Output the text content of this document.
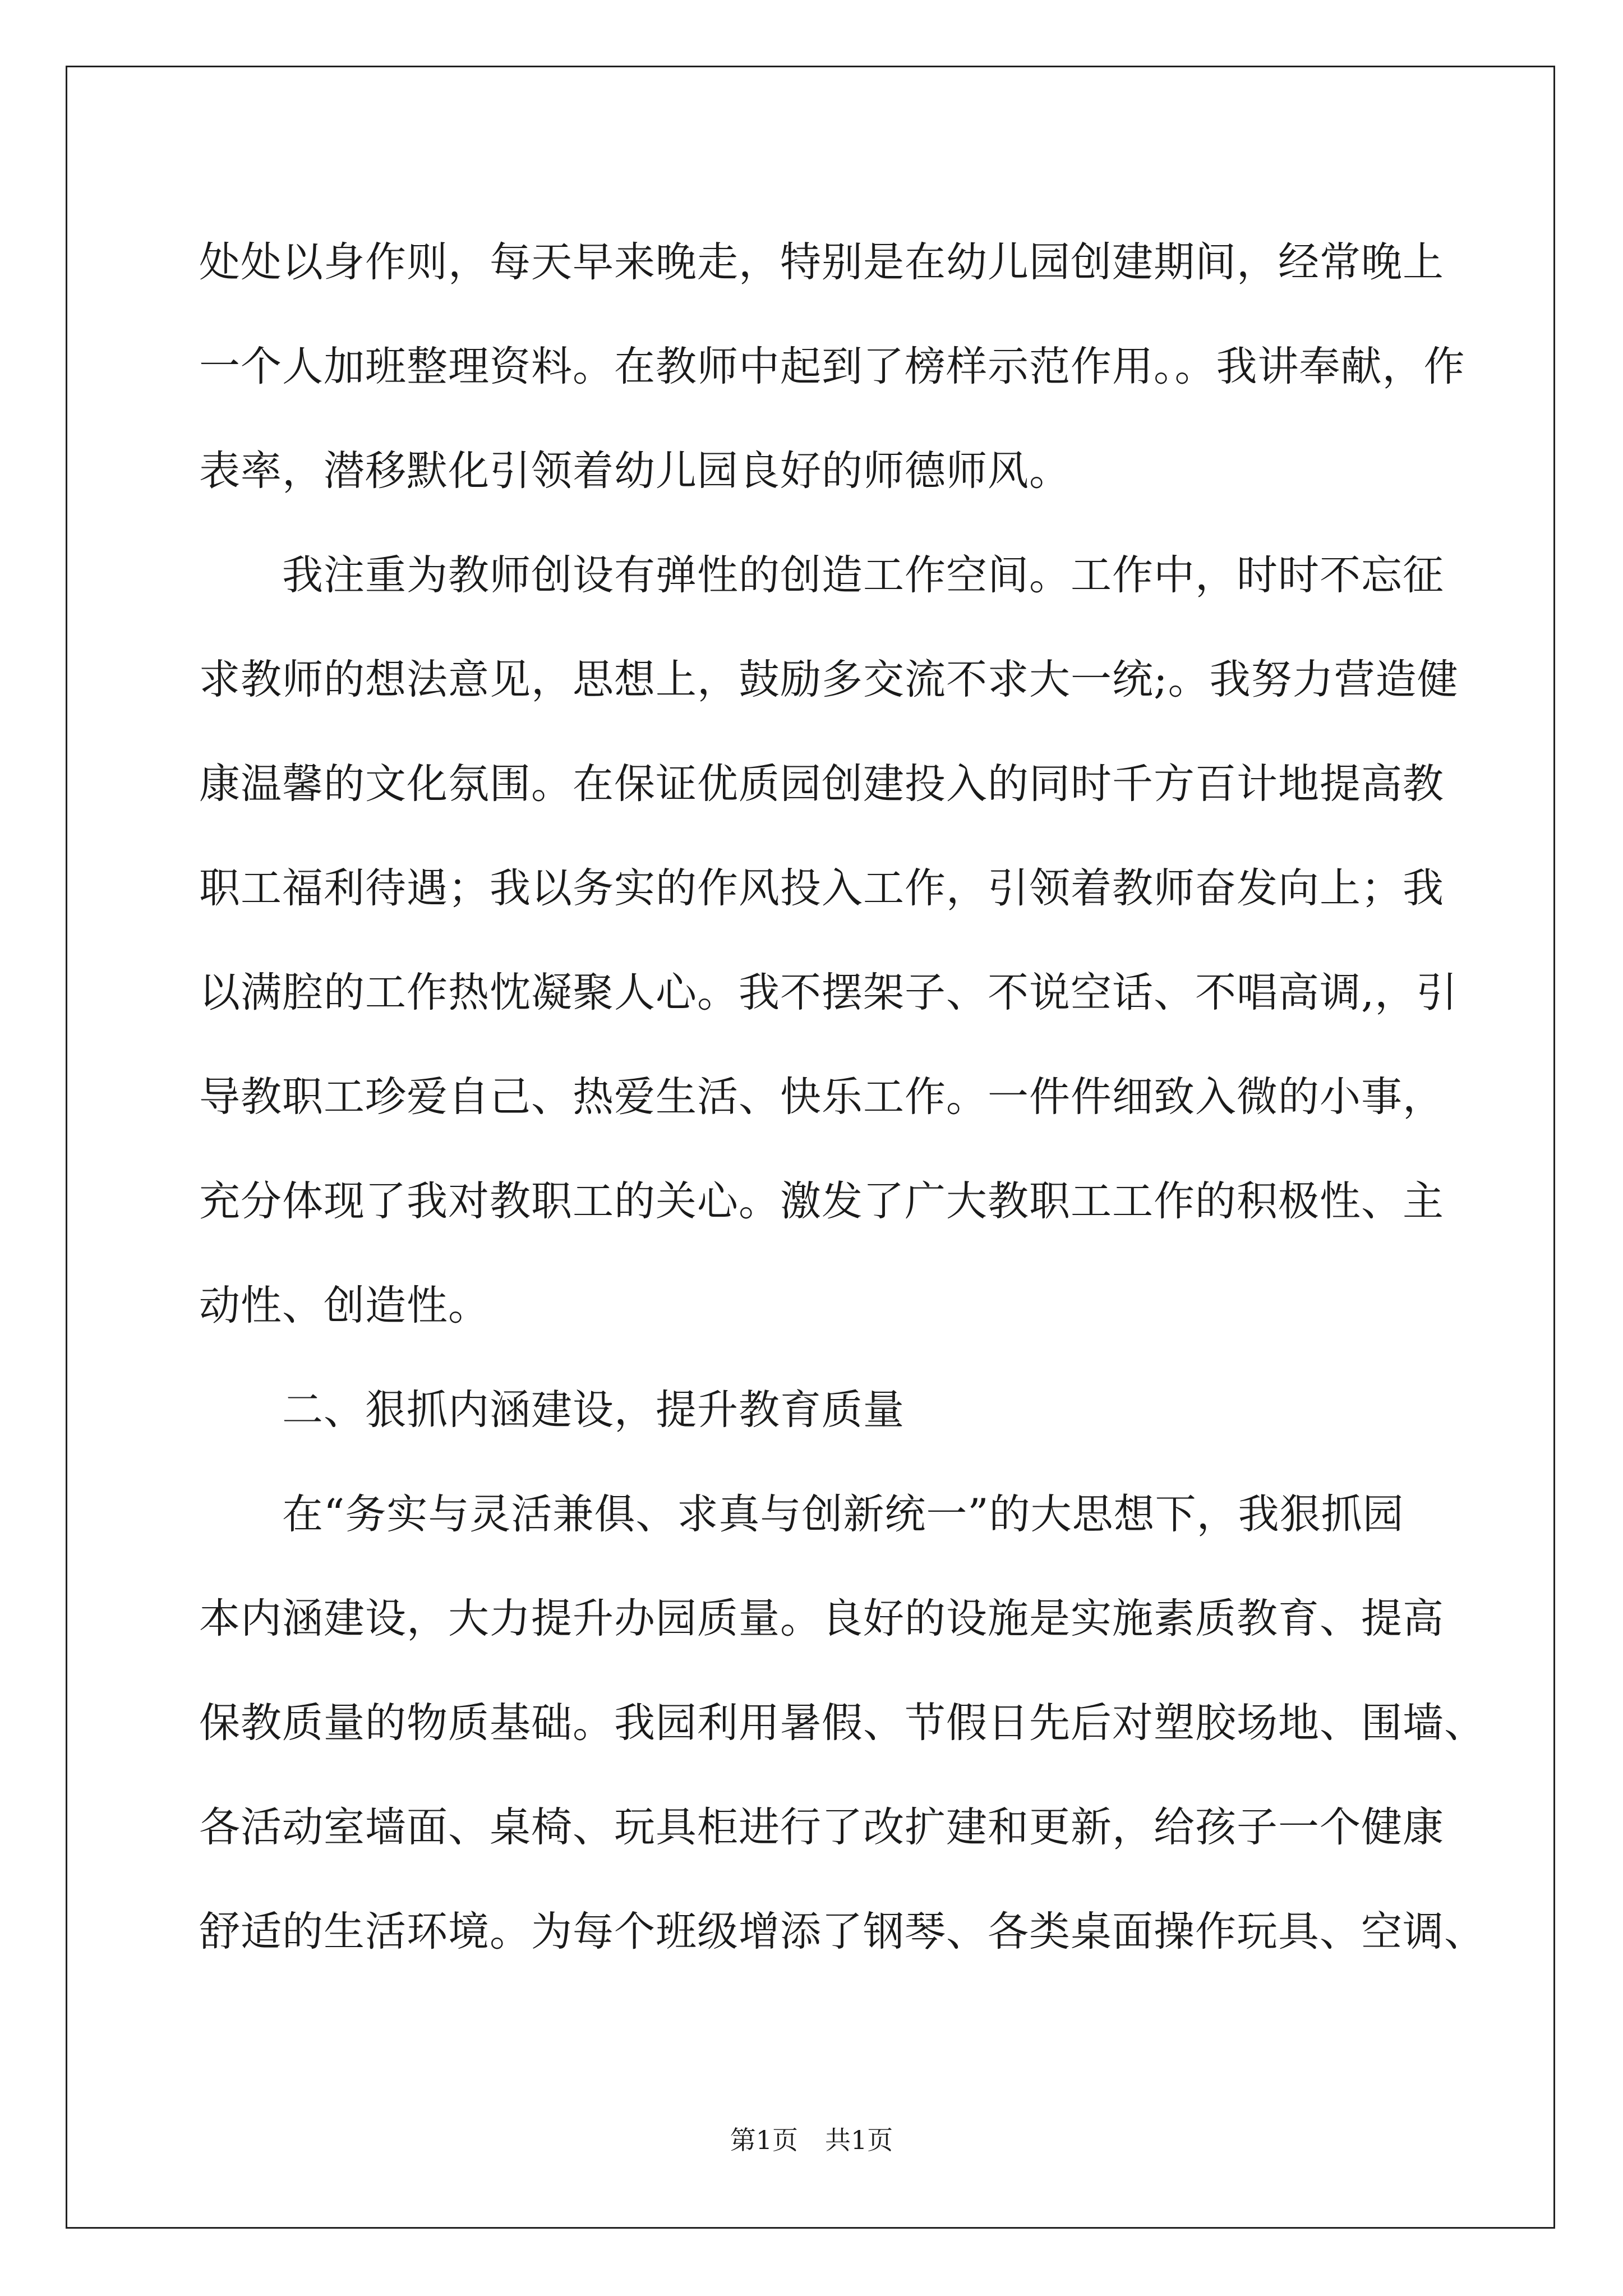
处处以身作则，每天早来晚走，特别是在幼儿园创建期间，经常晚上
一个人加班整理资料。在教师中起到了榜样示范作用。。我讲奉献，作
表率，潜移默化引领着幼儿园良好的师德师风。
　　我注重为教师创设有弹性的创造工作空间。工作中，时时不忘征
求教师的想法意见，思想上，鼓励多交流不求大一统;。我努力营造健
康温馨的文化氛围。在保证优质园创建投入的同时千方百计地提高教
职工福利待遇；我以务实的作风投入工作，引领着教师奋发向上；我
以满腔的工作热忱凝聚人心。我不摆架子、不说空话、不唱高调,，引
导教职工珍爱自己、热爱生活、快乐工作。一件件细致入微的小事，
充分体现了我对教职工的关心。激发了广大教职工工作的积极性、主
动性、创造性。
　　二、狠抓内涵建设，提升教育质量
　　在“务实与灵活兼俱、求真与创新统一”的大思想下，我狠抓园
本内涵建设，大力提升办园质量。良好的设施是实施素质教育、提高
保教质量的物质基础。我园利用暑假、节假日先后对塑胶场地、围墙、
各活动室墙面、桌椅、玩具柜进行了改扩建和更新，给孩子一个健康
舒适的生活环境。为每个班级增添了钢琴、各类桌面操作玩具、空调、
第1页 共1页
